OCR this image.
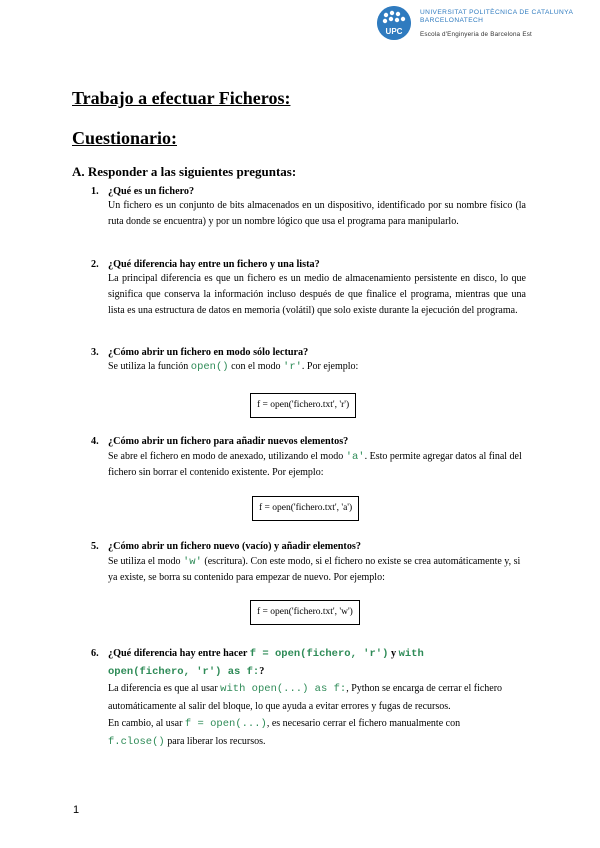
UPC
UNIVERSITAT POLITÈCNICA DE CATALUNYA
BARCELONATECH
Escola d'Enginyeria de Barcelona Est
Trabajo a efectuar Ficheros:
Cuestionario:
A. Responder a las siguientes preguntas:
1. ¿Qué es un fichero?
Un fichero es un conjunto de bits almacenados en un dispositivo, identificado por su nombre físico (la ruta donde se encuentra) y por un nombre lógico que usa el programa para manipularlo.
2. ¿Qué diferencia hay entre un fichero y una lista?
La principal diferencia es que un fichero es un medio de almacenamiento persistente en disco, lo que significa que conserva la información incluso después de que finalice el programa, mientras que una lista es una estructura de datos en memoria (volátil) que solo existe durante la ejecución del programa.
3. ¿Cómo abrir un fichero en modo sólo lectura?
Se utiliza la función open() con el modo 'r'. Por ejemplo:
f = open('fichero.txt', 'r')
4. ¿Cómo abrir un fichero para añadir nuevos elementos?
Se abre el fichero en modo de anexado, utilizando el modo 'a'. Esto permite agregar datos al final del fichero sin borrar el contenido existente. Por ejemplo:
f = open('fichero.txt', 'a')
5. ¿Cómo abrir un fichero nuevo (vacío) y añadir elementos?
Se utiliza el modo 'w' (escritura). Con este modo, si el fichero no existe se crea automáticamente y, si ya existe, se borra su contenido para empezar de nuevo. Por ejemplo:
f = open('fichero.txt', 'w')
6. ¿Qué diferencia hay entre hacer f = open(fichero, 'r') y with
open(fichero, 'r') as f:?
La diferencia es que al usar with open(...) as f:, Python se encarga de cerrar el fichero automáticamente al salir del bloque, lo que ayuda a evitar errores y fugas de recursos.
En cambio, al usar f = open(...), es necesario cerrar el fichero manualmente con
f.close() para liberar los recursos.
1
